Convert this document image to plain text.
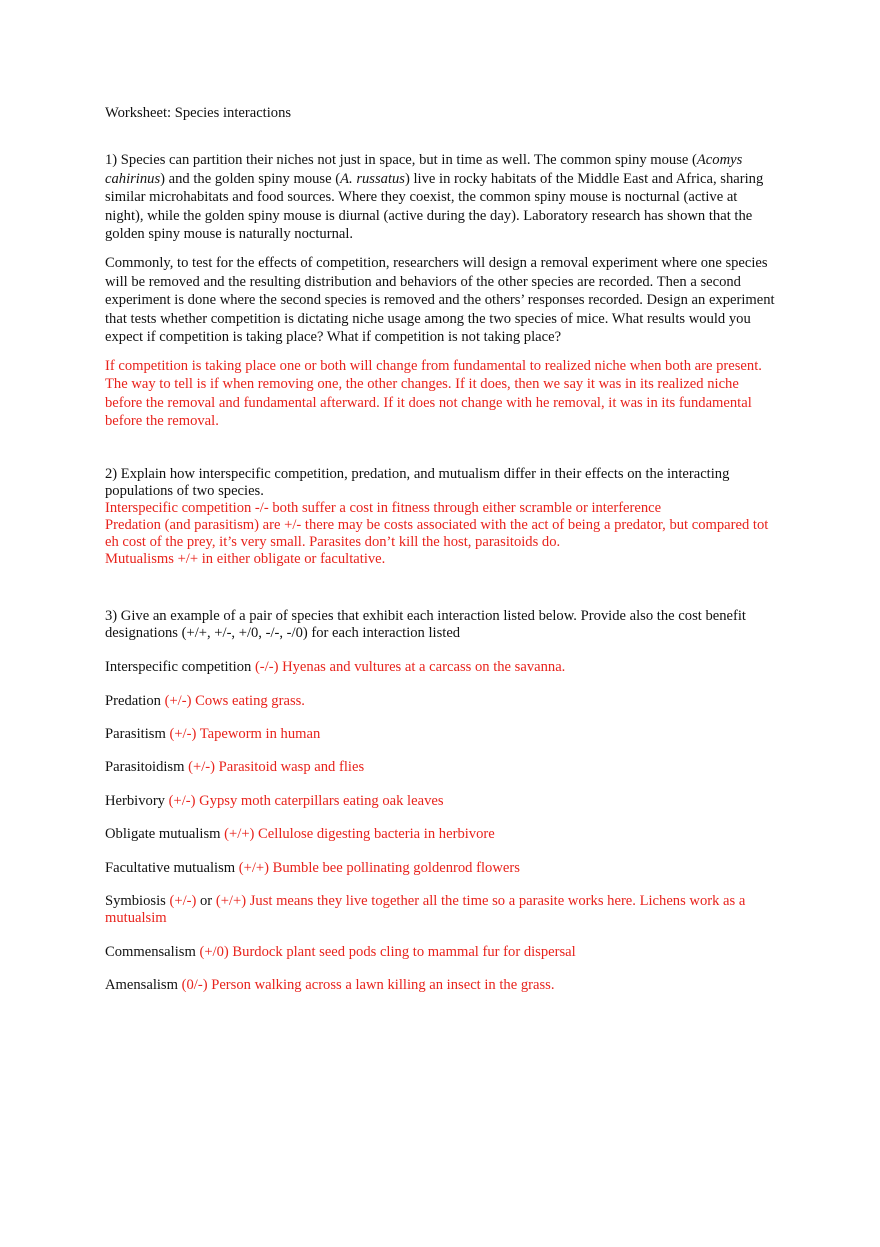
Worksheet: Species interactions

1) Species can partition their niches not just in space, but in time as well. The common spiny mouse (Acomys cahirinus) and the golden spiny mouse (A. russatus) live in rocky habitats of the Middle East and Africa, sharing similar microhabitats and food sources. Where they coexist, the common spiny mouse is nocturnal (active at night), while the golden spiny mouse is diurnal (active during the day). Laboratory research has shown that the golden spiny mouse is naturally nocturnal.

Commonly, to test for the effects of competition, researchers will design a removal experiment where one species will be removed and the resulting distribution and behaviors of the other species are recorded. Then a second experiment is done where the second species is removed and the others’ responses recorded. Design an experiment that tests whether competition is dictating niche usage among the two species of mice. What results would you expect if competition is taking place? What if competition is not taking place?

If competition is taking place one or both will change from fundamental to realized niche when both are present. The way to tell is if when removing one, the other changes. If it does, then we say it was in its realized niche before the removal and fundamental afterward. If it does not change with he removal, it was in its fundamental before the removal.

2) Explain how interspecific competition, predation, and mutualism differ in their effects on the interacting populations of two species.
Interspecific competition -/- both suffer a cost in fitness through either scramble or interference
Predation (and parasitism) are +/- there may be costs associated with the act of being a predator, but compared tot eh cost of the prey, it’s very small. Parasites don’t kill the host, parasitoids do.
Mutualisms +/+ in either obligate or facultative.

3) Give an example of a pair of species that exhibit each interaction listed below. Provide also the cost benefit designations (+/+, +/-, +/0, -/-, -/0) for each interaction listed

Interspecific competition (-/-) Hyenas and vultures at a carcass on the savanna.

Predation (+/-) Cows eating grass.

Parasitism (+/-) Tapeworm in human

Parasitoidism (+/-) Parasitoid wasp and flies

Herbivory (+/-) Gypsy moth caterpillars eating oak leaves

Obligate mutualism (+/+) Cellulose digesting bacteria in herbivore

Facultative mutualism (+/+) Bumble bee pollinating goldenrod flowers

Symbiosis (+/-) or (+/+) Just means they live together all the time so a parasite works here. Lichens work as a mutualsim

Commensalism (+/0) Burdock plant seed pods cling to mammal fur for dispersal

Amensalism (0/-) Person walking across a lawn killing an insect in the grass.
